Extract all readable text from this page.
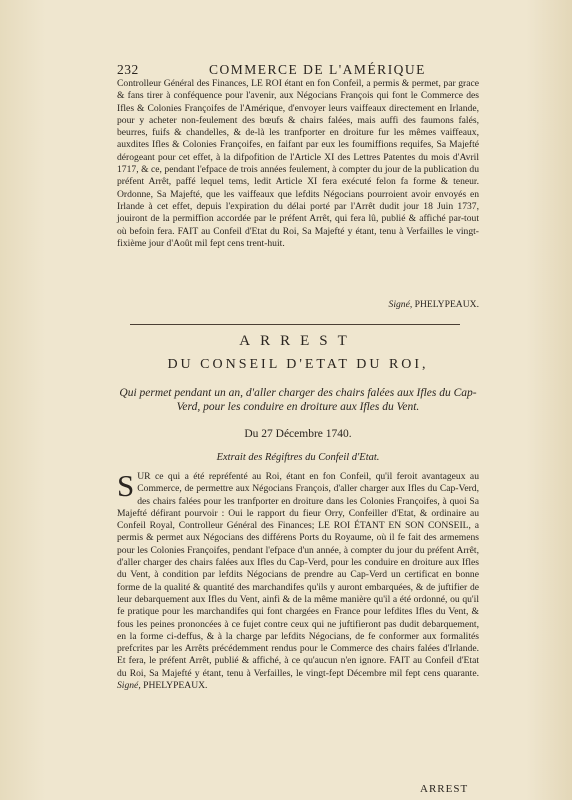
232	COMMERCE DE L'AMÉRIQUE
Controlleur Général des Finances, LE ROI étant en fon Confeil, a permis & permet, par grace & fans tirer à conféquence pour l'avenir, aux Négocians François qui font le Commerce des Ifles & Colonies Françoifes de l'Amérique, d'envoyer leurs vaiffeaux directement en Irlande, pour y acheter non-feulement des bœufs & chairs falées, mais auffi des faumons falés, beurres, fuifs & chandelles, & de-là les tranfporter en droiture fur les mêmes vaiffeaux, auxdites Ifles & Colonies Françoifes, en faifant par eux les foumiffions requifes, Sa Majefté dérogeant pour cet effet, à la difpofition de l'Article XI des Lettres Patentes du mois d'Avril 1717, & ce, pendant l'efpace de trois années feulement, à compter du jour de la publication du préfent Arrêt, paffé lequel tems, ledit Article XI fera exécuté felon fa forme & teneur. Ordonne, Sa Majefté, que les vaiffeaux que lefdits Négocians pourroient avoir envoyés en Irlande à cet effet, depuis l'expiration du délai porté par l'Arrêt dudit jour 18 Juin 1737, jouiront de la permiffion accordée par le préfent Arrêt, qui fera lû, publié & affiché par-tout où befoin fera. FAIT au Confeil d'Etat du Roi, Sa Majefté y étant, tenu à Verfailles le vingt-fixième jour d'Août mil fept cens trent-huit.
Signé, PHELYPEAUX.
ARREST
DU CONSEIL D'ETAT DU ROI,
Qui permet pendant un an, d'aller charger des chairs falées aux Ifles du Cap-Verd, pour les conduire en droiture aux Ifles du Vent.
Du 27 Décembre 1740.
Extrait des Régiftres du Confeil d'Etat.
SUR ce qui a été repréfenté au Roi, étant en fon Confeil, qu'il feroit avantageux au Commerce, de permettre aux Négocians François, d'aller charger aux Ifles du Cap-Verd, des chairs falées pour les tranfporter en droiture dans les Colonies Françoifes, à quoi Sa Majefté défirant pourvoir : Oui le rapport du fieur Orry, Confeiller d'Etat, & ordinaire au Confeil Royal, Controlleur Général des Finances; LE ROI ÉTANT EN SON CONSEIL, a permis & permet aux Négocians des différens Ports du Royaume, où il fe fait des armemens pour les Colonies Françoifes, pendant l'efpace d'un année, à compter du jour du préfent Arrêt, d'aller charger des chairs falées aux Ifles du Cap-Verd, pour les conduire en droiture aux Ifles du Vent, à condition par lefdits Négocians de prendre au Cap-Verd un certificat en bonne forme de la qualité & quantité des marchandifes qu'ils y auront embarquées, & de juftifier de leur debarquement aux Ifles du Vent, ainfi & de la même manière qu'il a été ordonné, ou qu'il fe pratique pour les marchandifes qui font chargées en France pour lefdites Ifles du Vent, & fous les peines prononcées à ce fujet contre ceux qui ne juftifieront pas dudit debarquement, en la forme ci-deffus, & à la charge par lefdits Négocians, de fe conformer aux formalités prefcrites par les Arrêts précédemment rendus pour le Commerce des chairs falées d'Irlande. Et fera, le préfent Arrêt, publié & affiché, à ce qu'aucun n'en ignore. FAIT au Confeil d'Etat du Roi, Sa Majefté y étant, tenu à Verfailles, le vingt-fept Décembre mil fept cens quarante. Signé, PHELYPEAUX.
ARREST
